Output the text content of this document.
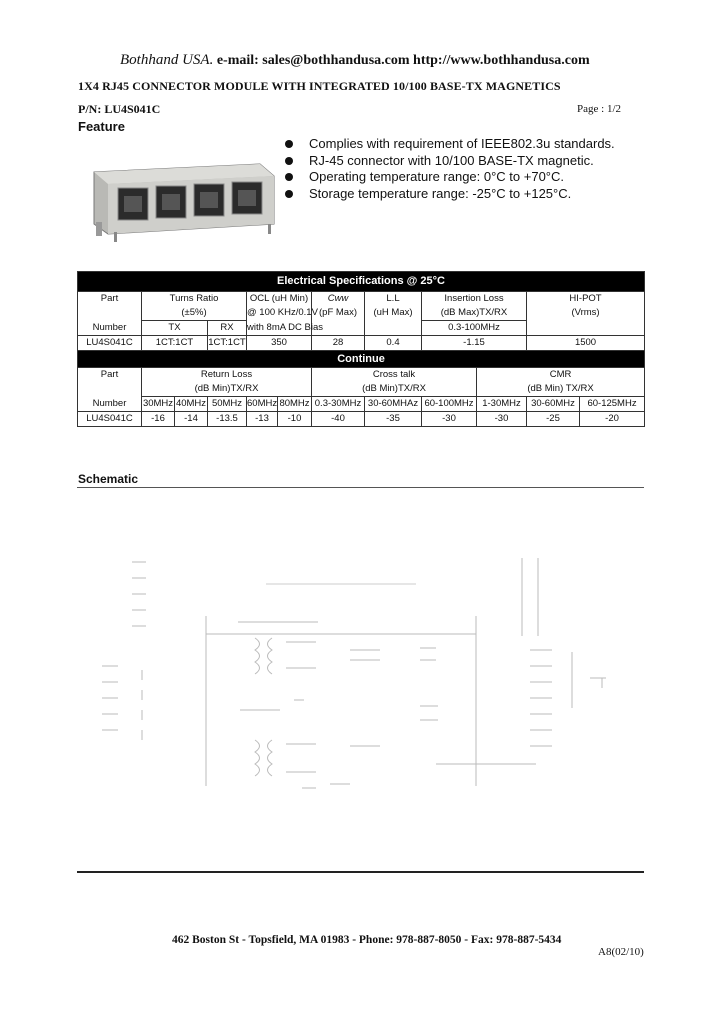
Bothhand USA. e-mail: sales@bothhandusa.com http://www.bothhandusa.com
1X4 RJ45 CONNECTOR MODULE WITH INTEGRATED 10/100 BASE-TX MAGNETICS
P/N: LU4S041C	Page : 1/2
Feature
Complies with requirement of IEEE802.3u standards.
RJ-45 connector with 10/100 BASE-TX magnetic.
Operating temperature range: 0°C to +70°C.
Storage temperature range: -25°C to +125°C.
Electrical Specifications @ 25°C											
Part	Turns Ratio			OCL (uH Min)		Cww	L.L	Insertion Loss		HI-POT	
	(±5%)			@ 100 KHz/0.1V		(pF Max)	(uH Max)	(dB Max)TX/RX		(Vrms)	
Number	TX		RX	with 8mA DC Bias				0.3-100MHz			
LU4S041C	1CT:1CT		1CT:1CT	350		28	0.4	-1.15		1500	
Continue											
Part	Return Loss					Cross talk			CMR		
	(dB Min)TX/RX					(dB Min)TX/RX			(dB Min) TX/RX		
Number	30MHz	40MHz	50MHz	60MHz	80MHz	0.3-30MHz	30-60MHAz	60-100MHz	1-30MHz	30-60MHz	60-125MHz
LU4S041C	-16	-14	-13.5	-13	-10	-40	-35	-30	-30	-25	-20
Schematic
462 Boston St - Topsfield, MA 01983 - Phone: 978-887-8050 - Fax: 978-887-5434
A8(02/10)
